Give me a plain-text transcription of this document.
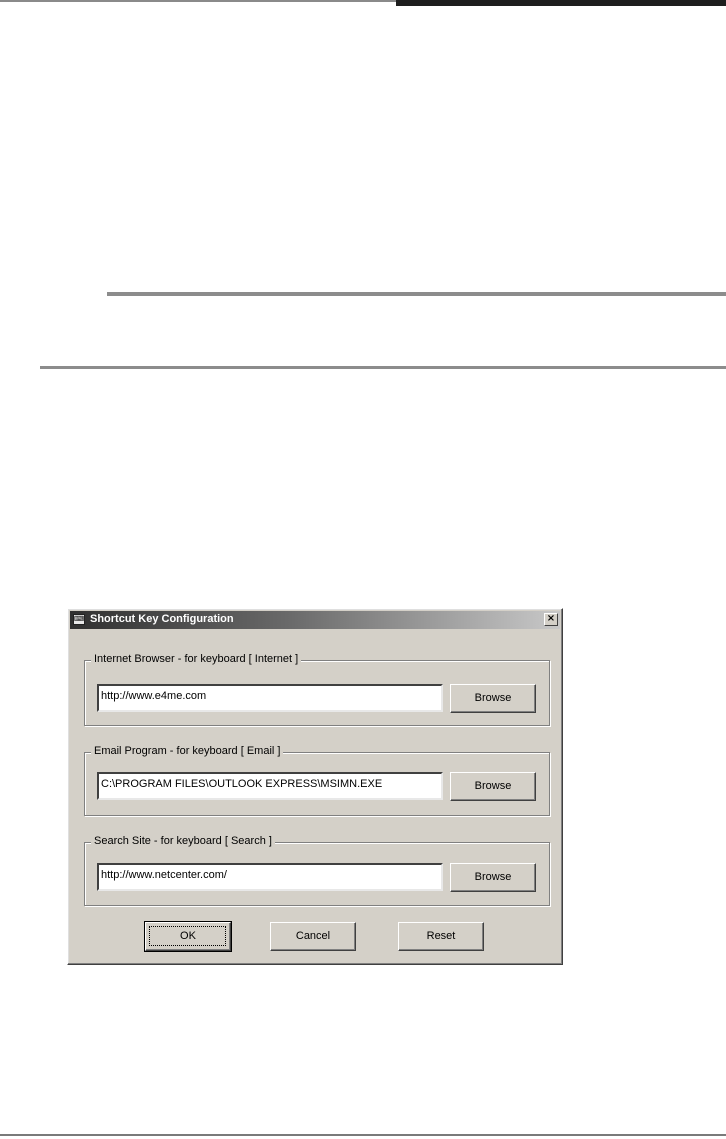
⌨ Shortcut Key Configuration	×
Internet Browser - for keyboard [ Internet ]
http://www.e4me.com	Browse
Email Program - for keyboard [ Email ]
C:\PROGRAM FILES\OUTLOOK EXPRESS\MSIMN.EXE	Browse
Search Site - for keyboard [ Search ]
http://www.netcenter.com/	Browse
OK	Cancel	Reset
